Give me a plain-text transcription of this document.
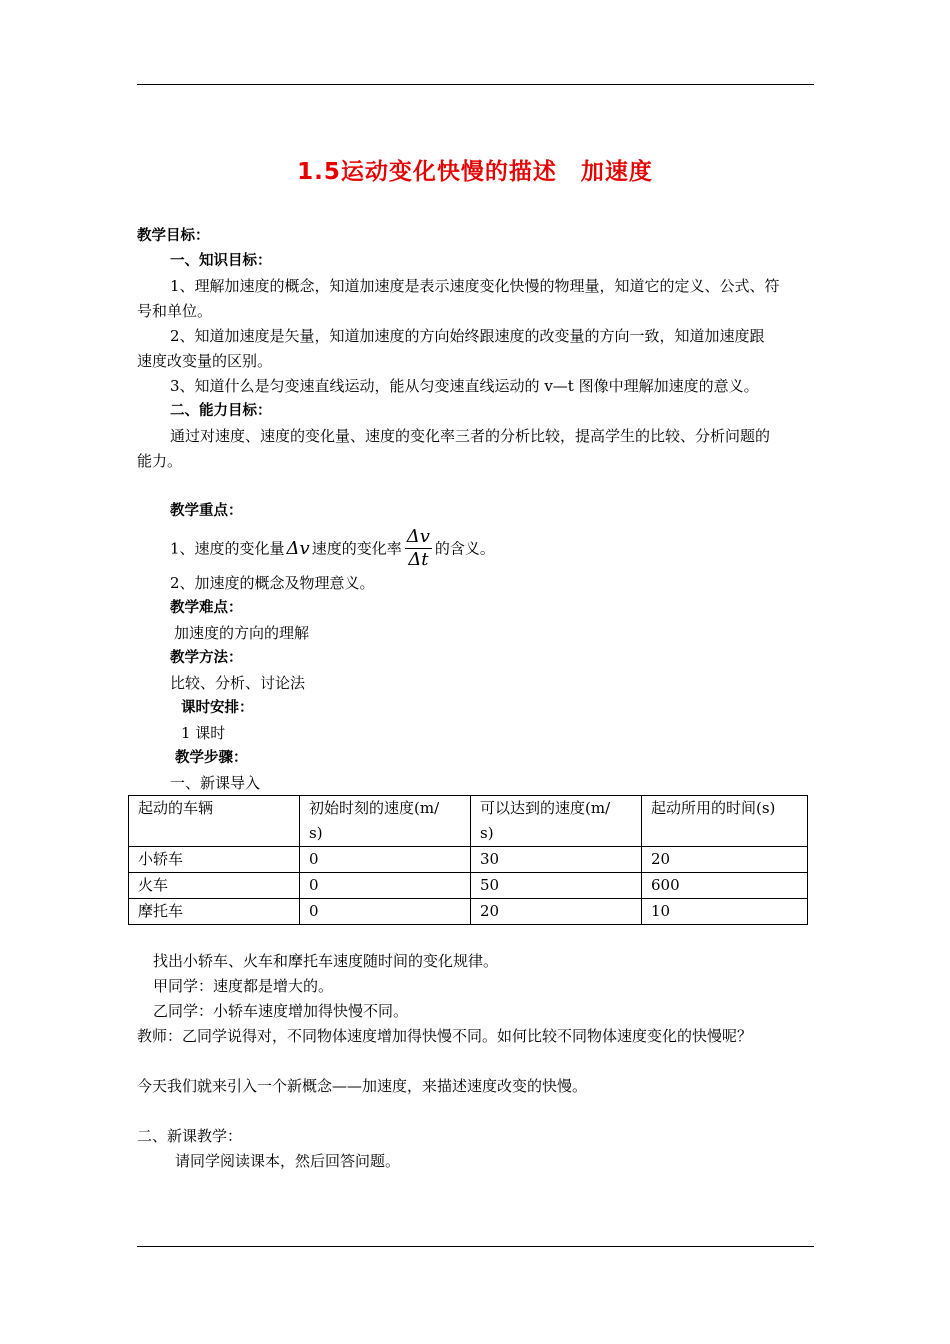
1.5运动变化快慢的描述　加速度
教学目标：
一、知识目标：
1、理解加速度的概念，知道加速度是表示速度变化快慢的物理量，知道它的定义、公式、符
号和单位。
2、知道加速度是矢量，知道加速度的方向始终跟速度的改变量的方向一致，知道加速度跟
速度改变量的区别。
3、知道什么是匀变速直线运动，能从匀变速直线运动的 v—t 图像中理解加速度的意义。
二、能力目标：
通过对速度、速度的变化量、速度的变化率三者的分析比较，提高学生的比较、分析问题的
能力。
教学重点：
1、速度的变化量 Δv 速度的变化率 $\frac{\Delta v}{\Delta t}$ 的含义。
2、加速度的概念及物理意义。
教学难点：
加速度的方向的理解
教学方法：
比较、分析、讨论法
课时安排：
1 课时
教学步骤：
一、新课导入
起动的车辆	初始时刻的速度(m/
s)	可以达到的速度(m/
s)	起动所用的时间(s)
小轿车	0	30	20
火车	0	50	600
摩托车	0	20	10
找出小轿车、火车和摩托车速度随时间的变化规律。
甲同学：速度都是增大的。
乙同学：小轿车速度增加得快慢不同。
教师：乙同学说得对，不同物体速度增加得快慢不同。如何比较不同物体速度变化的快慢呢？
今天我们就来引入一个新概念——加速度，来描述速度改变的快慢。
二、新课教学：
请同学阅读课本，然后回答问题。
